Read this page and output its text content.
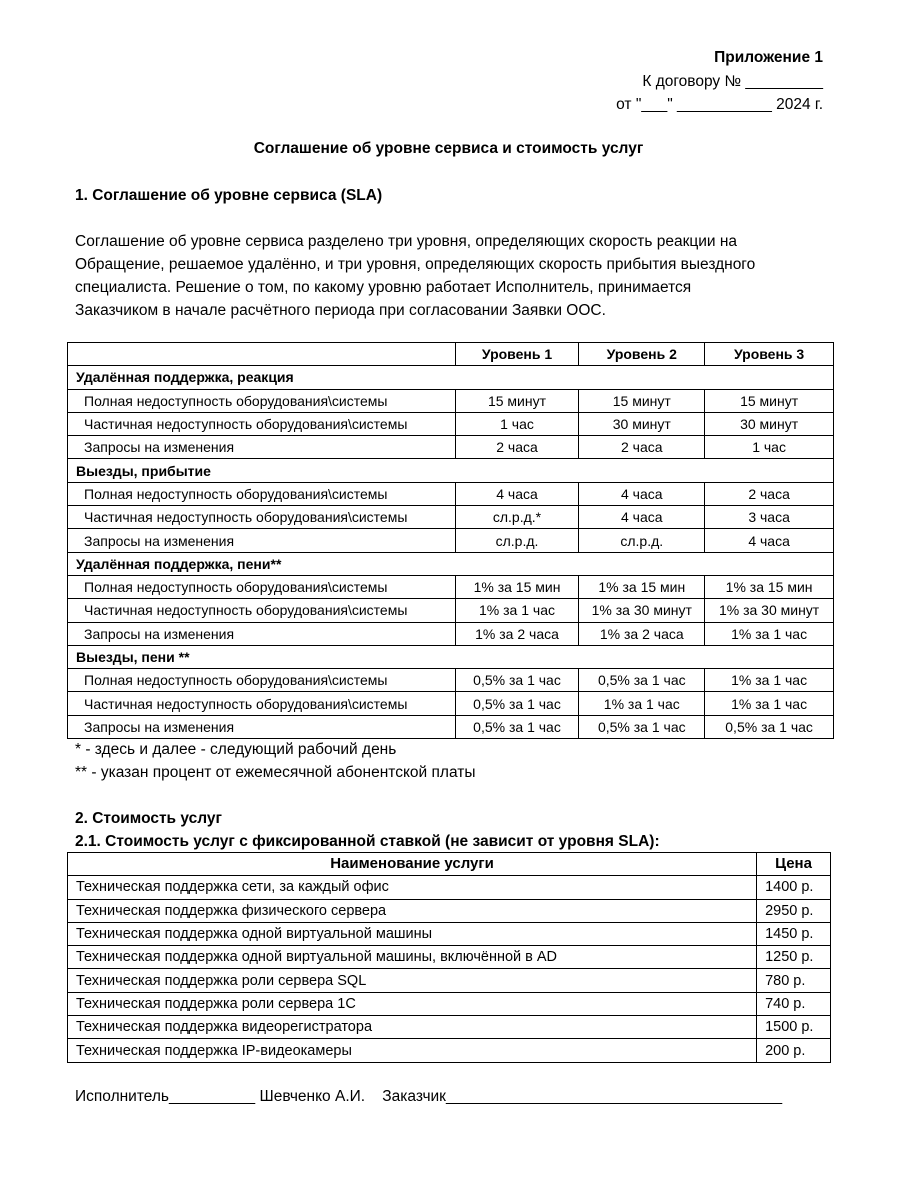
Приложение 1
К договору № _________
от "___" ___________ 2024 г.
Соглашение об уровне сервиса и стоимость услуг
1. Соглашение об уровне сервиса (SLA)
Соглашение об уровне сервиса разделено три уровня, определяющих скорость реакции на
Обращение, решаемое удалённо, и три уровня, определяющих скорость прибытия выездного
специалиста. Решение о том, по какому уровню работает Исполнитель, принимается
Заказчиком в начале расчётного периода при согласовании Заявки ООС.
	Уровень 1	Уровень 2	Уровень 3
Удалённая поддержка, реакция			
Полная недоступность оборудования\системы	15 минут	15 минут	15 минут
Частичная недоступность оборудования\системы	1 час	30 минут	30 минут
Запросы на изменения	2 часа	2 часа	1 час
Выезды, прибытие			
Полная недоступность оборудования\системы	4 часа	4 часа	2 часа
Частичная недоступность оборудования\системы	сл.р.д.*	4 часа	3 часа
Запросы на изменения	сл.р.д.	сл.р.д.	4 часа
Удалённая поддержка, пени**			
Полная недоступность оборудования\системы	1% за 15 мин	1% за 15 мин	1% за 15 мин
Частичная недоступность оборудования\системы	1% за 1 час	1% за 30 минут	1% за 30 минут
Запросы на изменения	1% за 2 часа	1% за 2 часа	1% за 1 час
Выезды, пени **			
Полная недоступность оборудования\системы	0,5% за 1 час	0,5% за 1 час	1% за 1 час
Частичная недоступность оборудования\системы	0,5% за 1 час	1% за 1 час	1% за 1 час
Запросы на изменения	0,5% за 1 час	0,5% за 1 час	0,5% за 1 час
* - здесь и далее - следующий рабочий день
** - указан процент от ежемесячной абонентской платы
2. Стоимость услуг
2.1. Стоимость услуг с фиксированной ставкой (не зависит от уровня SLA):
Наименование услуги	Цена
Техническая поддержка сети, за каждый офис	1400 р.
Техническая поддержка физического сервера	2950 р.
Техническая поддержка одной виртуальной машины	1450 р.
Техническая поддержка одной виртуальной машины, включённой в AD	1250 р.
Техническая поддержка роли сервера SQL	780 р.
Техническая поддержка роли сервера 1С	740 р.
Техническая поддержка видеорегистратора	1500 р.
Техническая поддержка IP-видеокамеры	200 р.
Исполнитель__________ Шевченко А.И.    Заказчик_______________________________________
